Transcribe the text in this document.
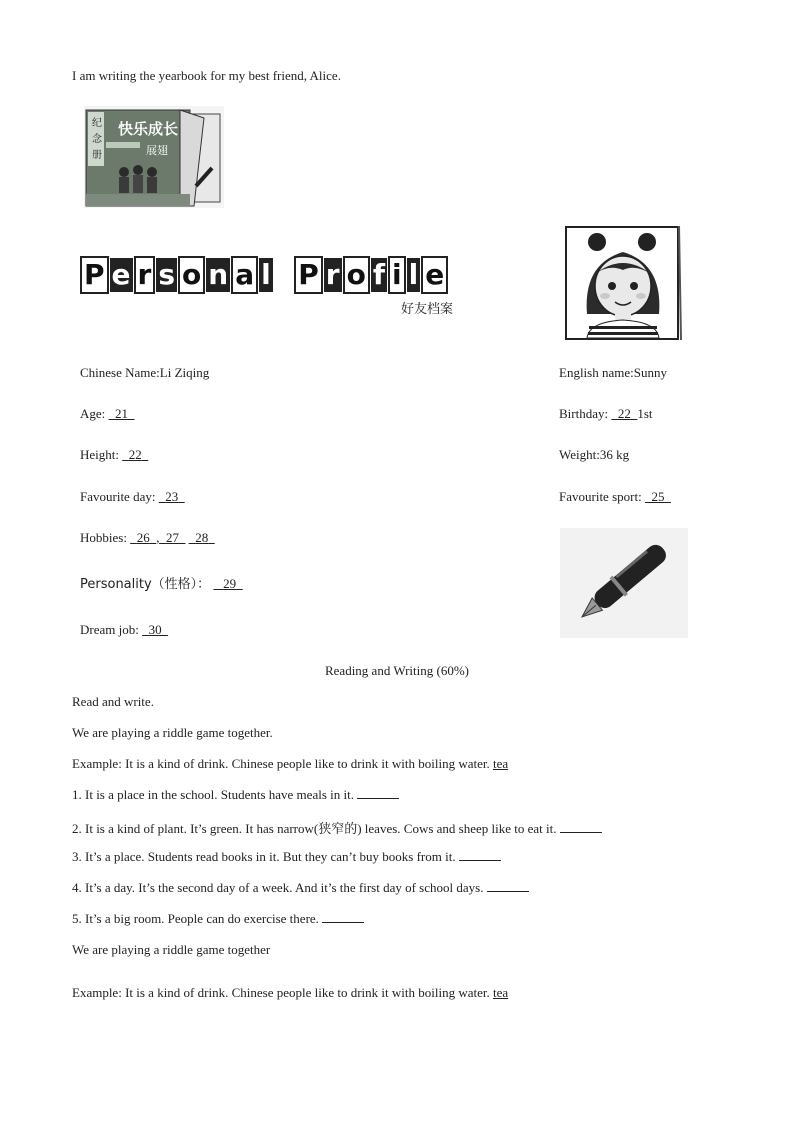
I am writing the yearbook for my best friend, Alice.
纪
念
册
快乐成长
展翅
P e r s o n a l P r o f i l e
好友档案
Chinese Name:Li Ziqing
Age: 21
Height: 22
Favourite day: 23
Hobbies: 26 , 27 28
Personality（性格）： 29
Dream job: 30
English name:Sunny
Birthday: 22 1st
Weight:36 kg
Favourite sport: 25
Reading and Writing (60%)
Read and write.
We are playing a riddle game together.
Example: It is a kind of drink. Chinese people like to drink it with boiling water. tea
1. It is a place in the school. Students have meals in it.
2. It is a kind of plant. It’s green. It has narrow(狭窄的) leaves. Cows and sheep like to eat it.
3. It’s a place. Students read books in it. But they can’t buy books from it.
4. It’s a day. It’s the second day of a week. And it’s the first day of school days.
5. It’s a big room. People can do exercise there.
We are playing a riddle game together
Example: It is a kind of drink. Chinese people like to drink it with boiling water. tea
